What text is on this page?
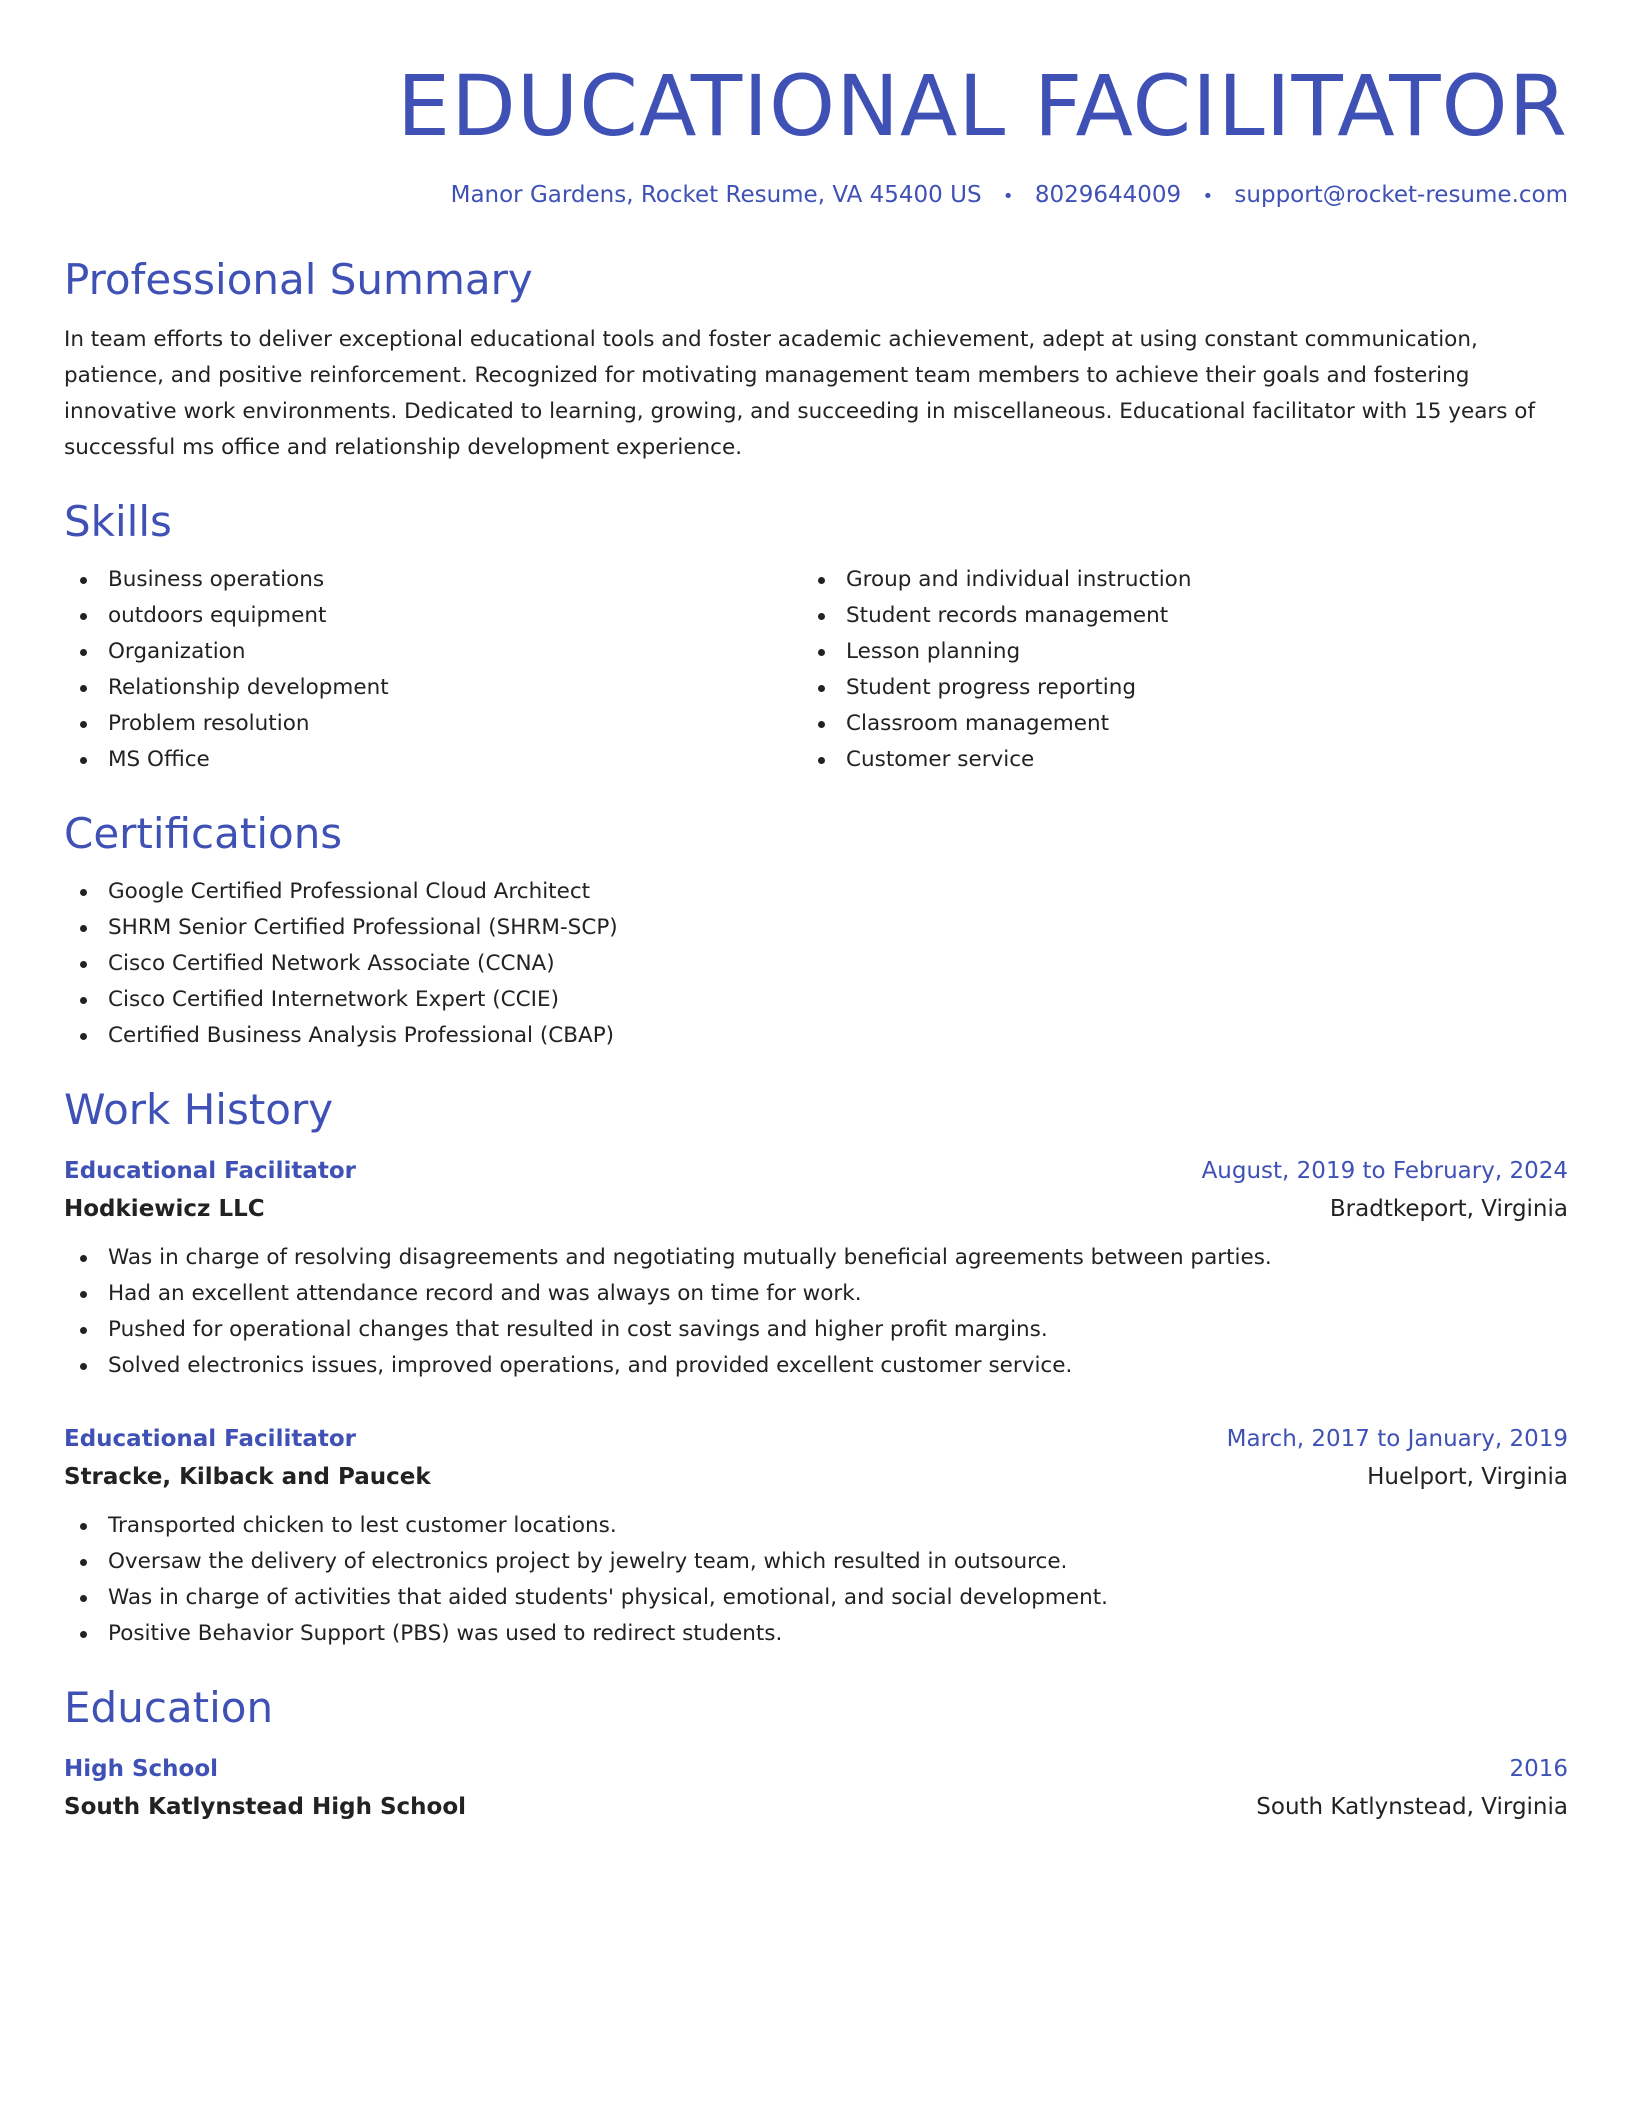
EDUCATIONAL FACILITATOR
Manor Gardens, Rocket Resume, VA 45400 US • 8029644009 • support@rocket-resume.com
Professional Summary

In team efforts to deliver exceptional educational tools and foster academic achievement, adept at using constant communication, patience, and positive reinforcement. Recognized for motivating management team members to achieve their goals and fostering innovative work environments. Dedicated to learning, growing, and succeeding in miscellaneous. Educational facilitator with 15 years of successful ms office and relationship development experience.

Skills
Business operations
outdoors equipment
Organization
Relationship development
Problem resolution
MS Office
Group and individual instruction
Student records management
Lesson planning
Student progress reporting
Classroom management
Customer service
Certifications
Google Certified Professional Cloud Architect
SHRM Senior Certified Professional (SHRM-SCP)
Cisco Certified Network Associate (CCNA)
Cisco Certified Internetwork Expert (CCIE)
Certified Business Analysis Professional (CBAP)
Work History
Educational Facilitator	August, 2019 to February, 2024
Hodkiewicz LLC	Bradtkeport, Virginia
Was in charge of resolving disagreements and negotiating mutually beneficial agreements between parties.
Had an excellent attendance record and was always on time for work.
Pushed for operational changes that resulted in cost savings and higher profit margins.
Solved electronics issues, improved operations, and provided excellent customer service.
Educational Facilitator	March, 2017 to January, 2019
Stracke, Kilback and Paucek	Huelport, Virginia
Transported chicken to lest customer locations.
Oversaw the delivery of electronics project by jewelry team, which resulted in outsource.
Was in charge of activities that aided students' physical, emotional, and social development.
Positive Behavior Support (PBS) was used to redirect students.
Education
High School	2016
South Katlynstead High School	South Katlynstead, Virginia
